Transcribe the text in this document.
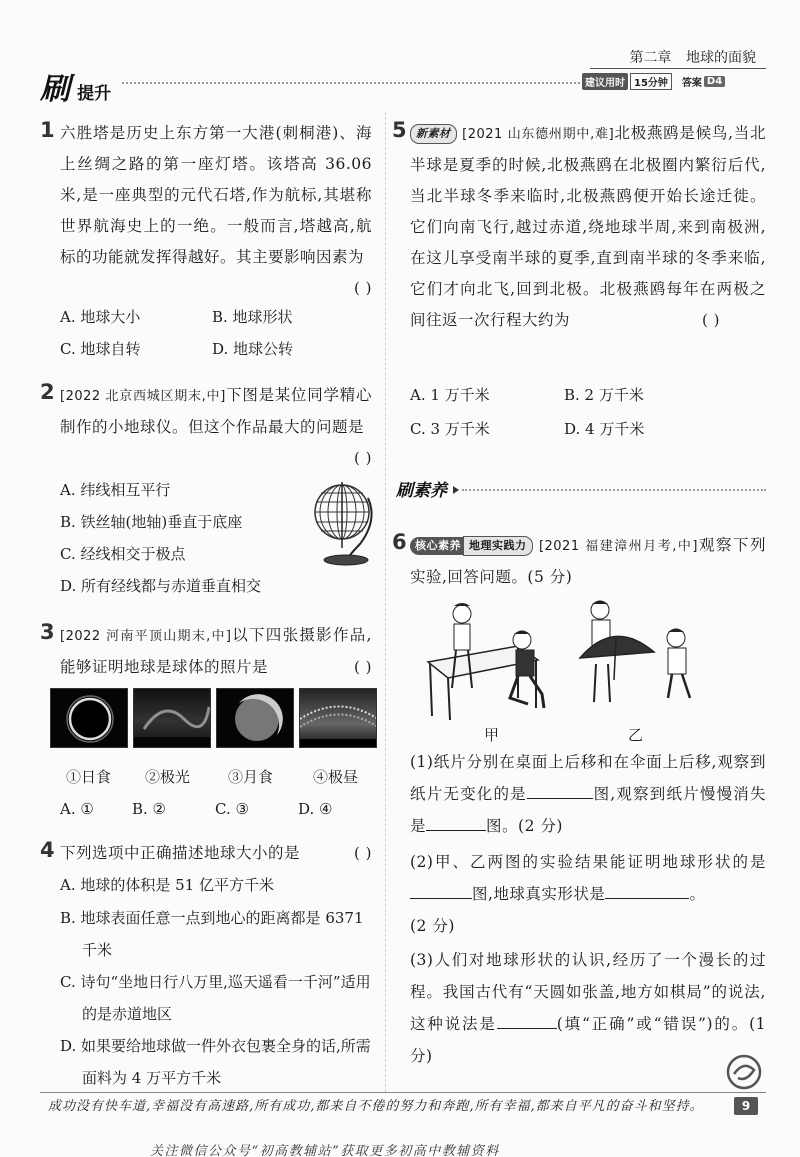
刷 提升
第二章 地球的面貌
建议用时 15分钟	答案 D4
1 六胜塔是历史上东方第一大港(刺桐港)、海上丝绸之路的第一座灯塔。该塔高 36.06 米,是一座典型的元代石塔,作为航标,其堪称世界航海史上的一绝。一般而言,塔越高,航标的功能就发挥得越好。其主要影响因素为
( )
A. 地球大小	B. 地球形状
C. 地球自转	D. 地球公转
2 [2022 北京西城区期末,中]下图是某位同学精心制作的小地球仪。但这个作品最大的问题是
( )
A. 纬线相互平行
B. 铁丝轴(地轴)垂直于底座
C. 经线相交于极点
D. 所有经线都与赤道垂直相交
3 [2022 河南平顶山期末,中]以下四张摄影作品,能够证明地球是球体的照片是	( )
①日食 ②极光	③月食	④极昼
A. ①	B. ②	C. ③	D. ④
4 下列选项中正确描述地球大小的是	( )
A. 地球的体积是 51 亿平方千米
B. 地球表面任意一点到地心的距离都是 6371 千米
C. 诗句“坐地日行八万里,巡天遥看一千河”适用的是赤道地区
D. 如果要给地球做一件外衣包裹全身的话,所需面料为 4 万平方千米
5 新素材 [2021 山东德州期中,难]北极燕鸥是候鸟,当北半球是夏季的时候,北极燕鸥在北极圈内繁衍后代,当北半球冬季来临时,北极燕鸥便开始长途迁徙。它们向南飞行,越过赤道,绕地球半周,来到南极洲,在这儿享受南半球的夏季,直到南半球的冬季来临,它们才向北飞,回到北极。北极燕鸥每年在两极之间往返一次行程大约为	( )
A. 1 万千米	B. 2 万千米
C. 3 万千米	D. 4 万千米
刷素养
6 核心素养 地理实践力 [2021 福建漳州月考,中]观察下列实验,回答问题。(5 分)
甲	乙
(1)纸片分别在桌面上后移和在伞面上后移,观察到纸片无变化的是	图,观察到纸片慢慢消失是	图。(2 分)
(2)甲、乙两图的实验结果能证明地球形状的是图,地球真实形状是	。
(2 分)
(3)人们对地球形状的认识,经历了一个漫长的过程。我国古代有“天圆如张盖,地方如棋局”的说法,这种说法是	(填“正确”或“错误”)的。(1 分)
成功没有快车道,幸福没有高速路,所有成功,都来自不倦的努力和奔跑,所有幸福,都来自平凡的奋斗和坚持。	9
关注微信公众号“初高教辅站”获取更多初高中教辅资料
